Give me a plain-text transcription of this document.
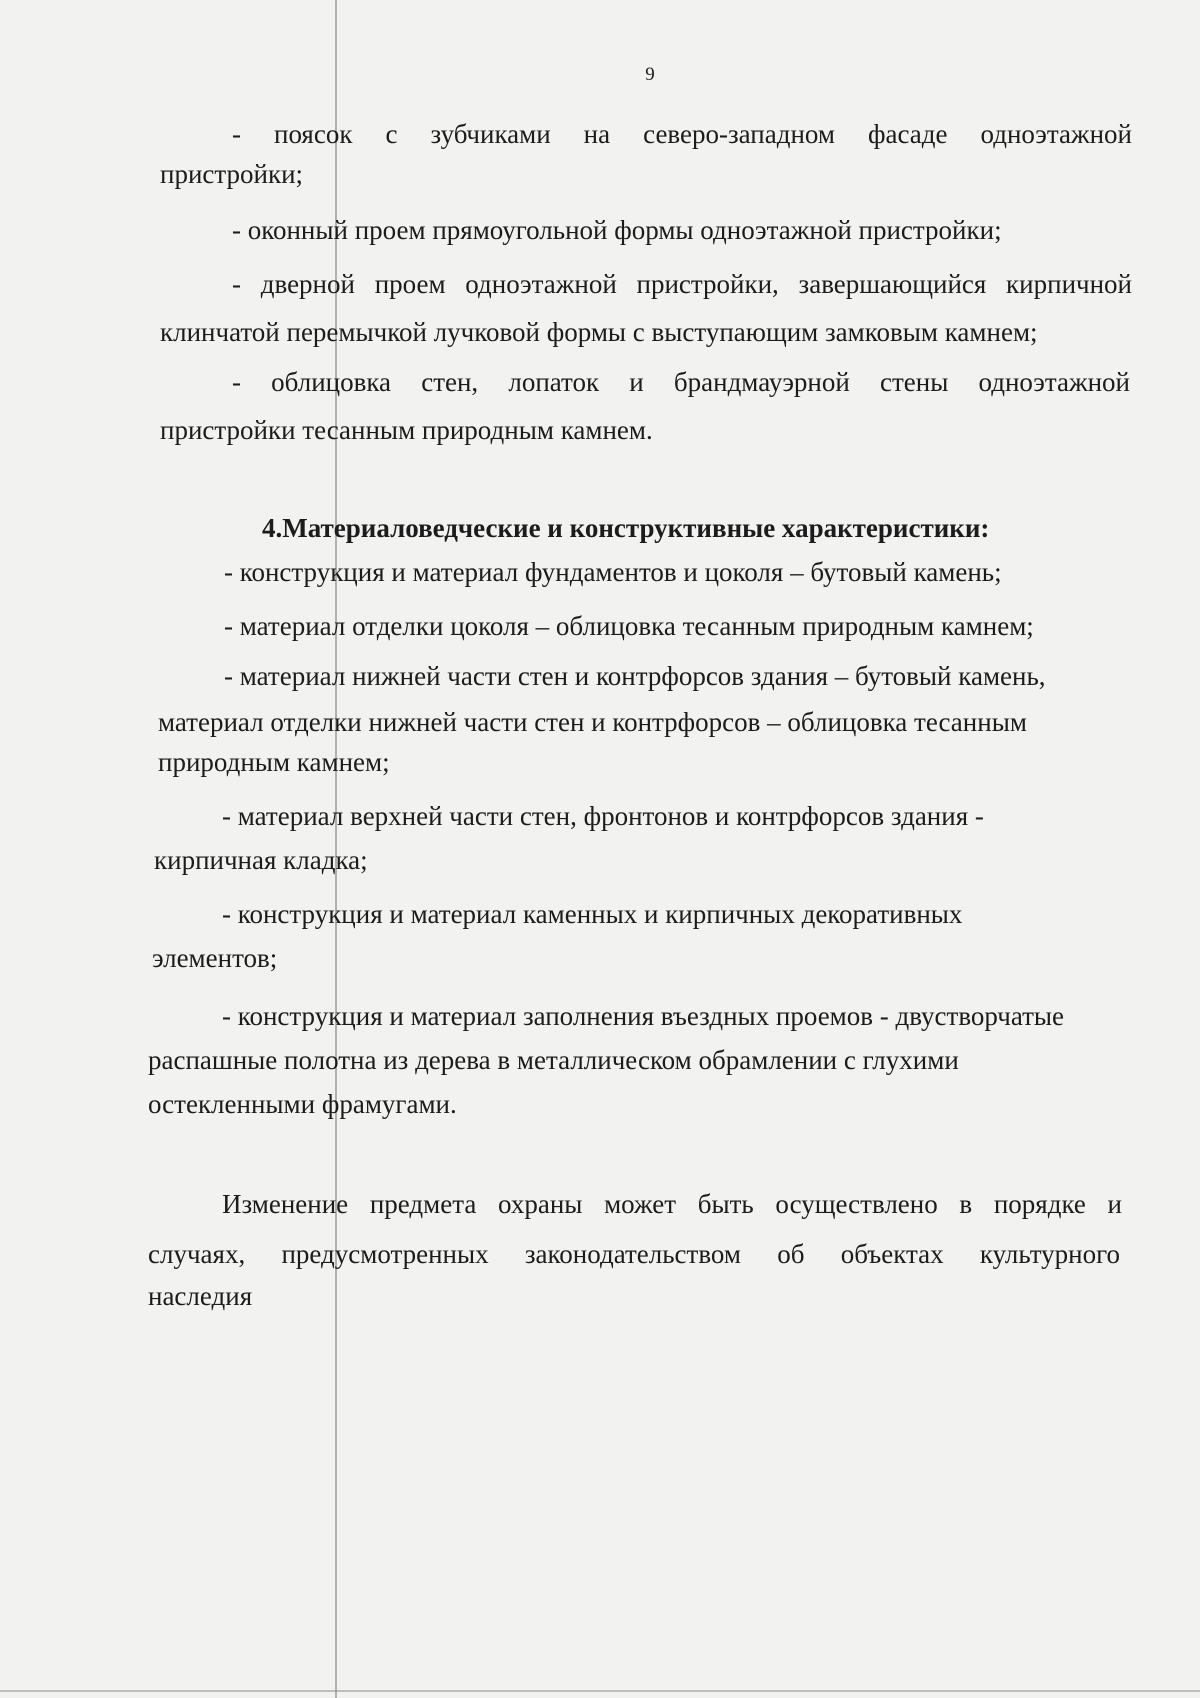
9
- поясок с зубчиками на северо-западном фасаде одноэтажной
пристройки;
- оконный проем прямоугольной формы одноэтажной пристройки;
- дверной проем одноэтажной пристройки, завершающийся кирпичной
клинчатой перемычкой лучковой формы с выступающим замковым камнем;
- облицовка стен, лопаток и брандмауэрной стены одноэтажной
пристройки тесанным природным камнем.
4.Материаловедческие и конструктивные характеристики:
- конструкция и материал фундаментов и цоколя – бутовый камень;
- материал отделки цоколя – облицовка тесанным природным камнем;
- материал нижней части стен и контрфорсов здания – бутовый камень,
материал отделки нижней части стен и контрфорсов – облицовка тесанным
природным камнем;
- материал верхней части стен, фронтонов и контрфорсов здания -
кирпичная кладка;
- конструкция и материал каменных и кирпичных декоративных
элементов;
- конструкция и материал заполнения въездных проемов - двустворчатые
распашные полотна из дерева в металлическом обрамлении с глухими
остекленными фрамугами.
Изменение предмета охраны может быть осуществлено в порядке и
случаях, предусмотренных законодательством об объектах культурного
наследия
